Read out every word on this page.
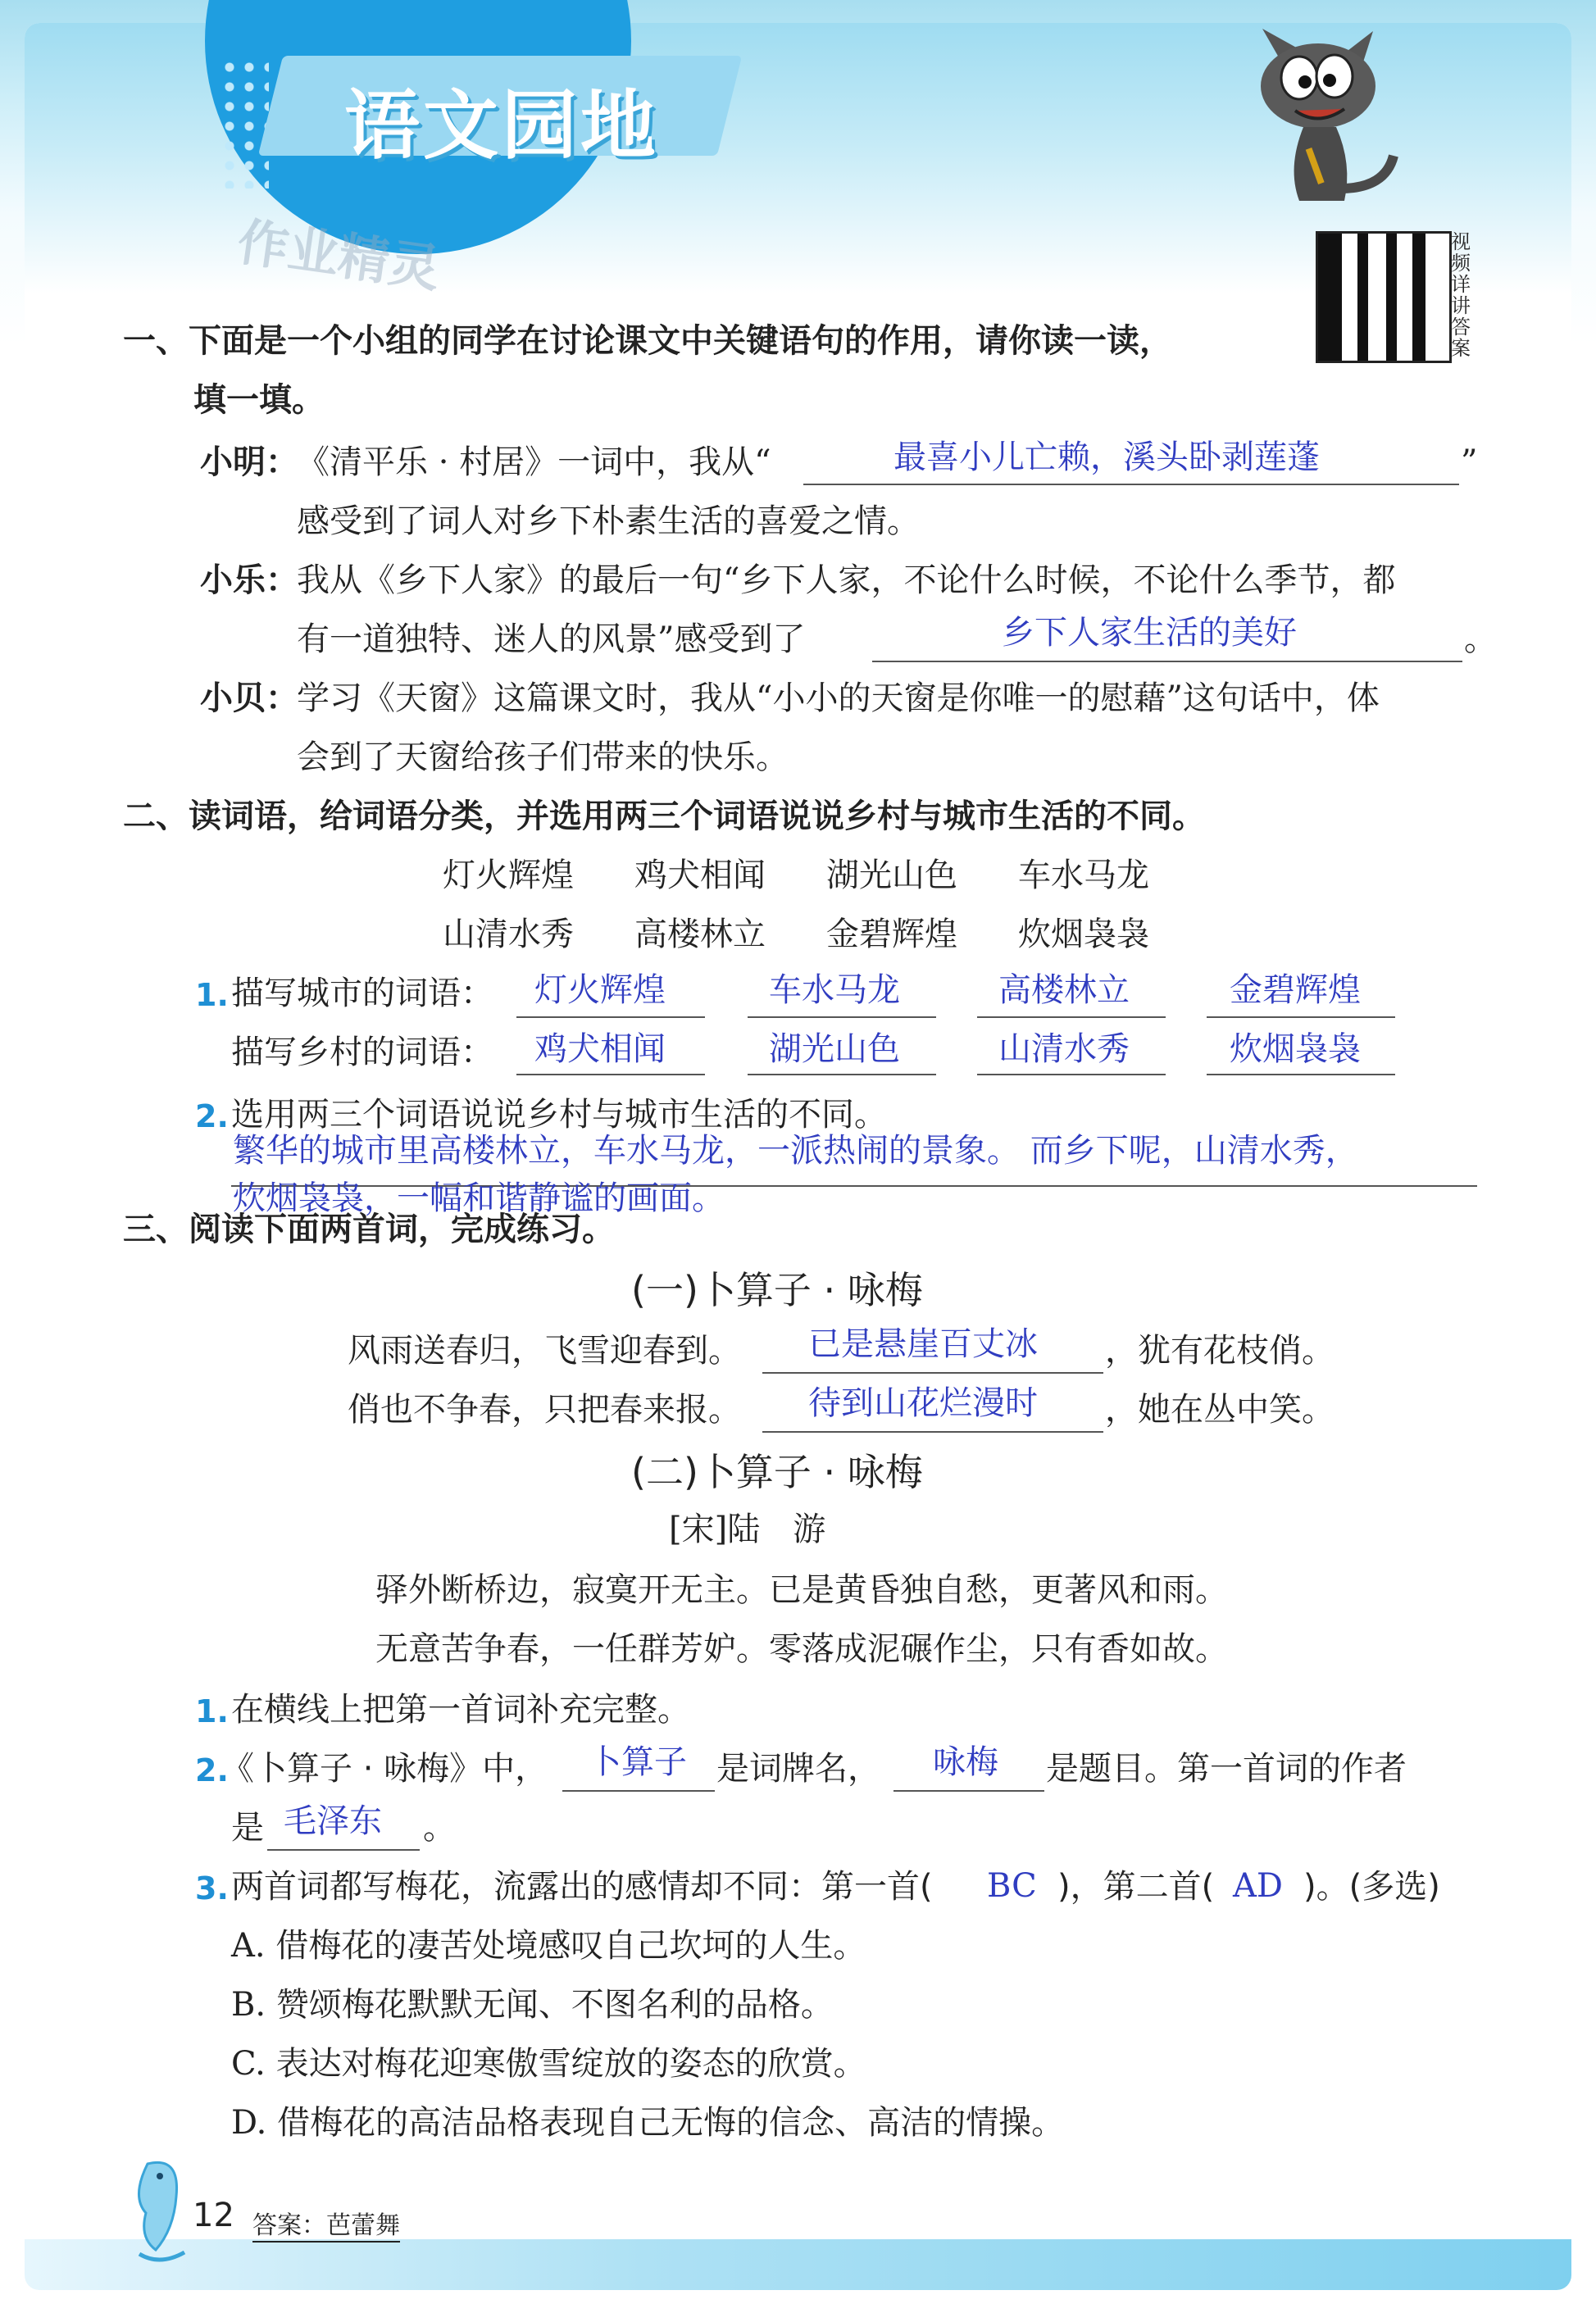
语文园地
作业精灵	视频详讲答案
一、下面是一个小组的同学在讨论课文中关键语句的作用，请你读一读，
填一填。
小明：
《清平乐 · 村居》一词中，我从“	最喜小儿亡赖，溪头卧剥莲蓬	”
感受到了词人对乡下朴素生活的喜爱之情。
小乐：
我从《乡下人家》的最后一句“乡下人家，不论什么时候，不论什么季节，都
有一道独特、迷人的风景”感受到了	乡下人家生活的美好	。
小贝：
学习《天窗》这篇课文时，我从“小小的天窗是你唯一的慰藉”这句话中，体
会到了天窗给孩子们带来的快乐。
二、读词语，给词语分类，并选用两三个词语说说乡村与城市生活的不同。
灯火辉煌 鸡犬相闻 湖光山色 车水马龙
山清水秀 高楼林立 金碧辉煌 炊烟袅袅
1. 描写城市的词语： 灯火辉煌	车水马龙	高楼林立	金碧辉煌
描写乡村的词语： 鸡犬相闻	湖光山色	山清水秀	炊烟袅袅
2. 选用两三个词语说说乡村与城市生活的不同。
繁华的城市里高楼林立，车水马龙，一派热闹的景象。 而乡下呢，山清水秀，
炊烟袅袅，一幅和谐静谧的画面。
三、阅读下面两首词，完成练习。
(一)卜算子 · 咏梅
风雨送春归，飞雪迎春到。 已是悬崖百丈冰 ，犹有花枝俏。
俏也不争春，只把春来报。 待到山花烂漫时 ，她在丛中笑。
(二)卜算子 · 咏梅
[宋]陆　游
驿外断桥边，寂寞开无主。已是黄昏独自愁，更著风和雨。
无意苦争春，一任群芳妒。零落成泥碾作尘，只有香如故。
1. 在横线上把第一首词补充完整。
2.
《卜算子 · 咏梅》中， 卜算子 是词牌名， 咏梅 是题目。第一首词的作者
是 毛泽东 。
3. 两首词都写梅花，流露出的感情却不同：第一首( BC )，第二首( AD )。(多选)
A. 借梅花的凄苦处境感叹自己坎坷的人生。
B. 赞颂梅花默默无闻、不图名利的品格。
C. 表达对梅花迎寒傲雪绽放的姿态的欣赏。
D. 借梅花的高洁品格表现自己无悔的信念、高洁的情操。
12 答案：芭蕾舞
